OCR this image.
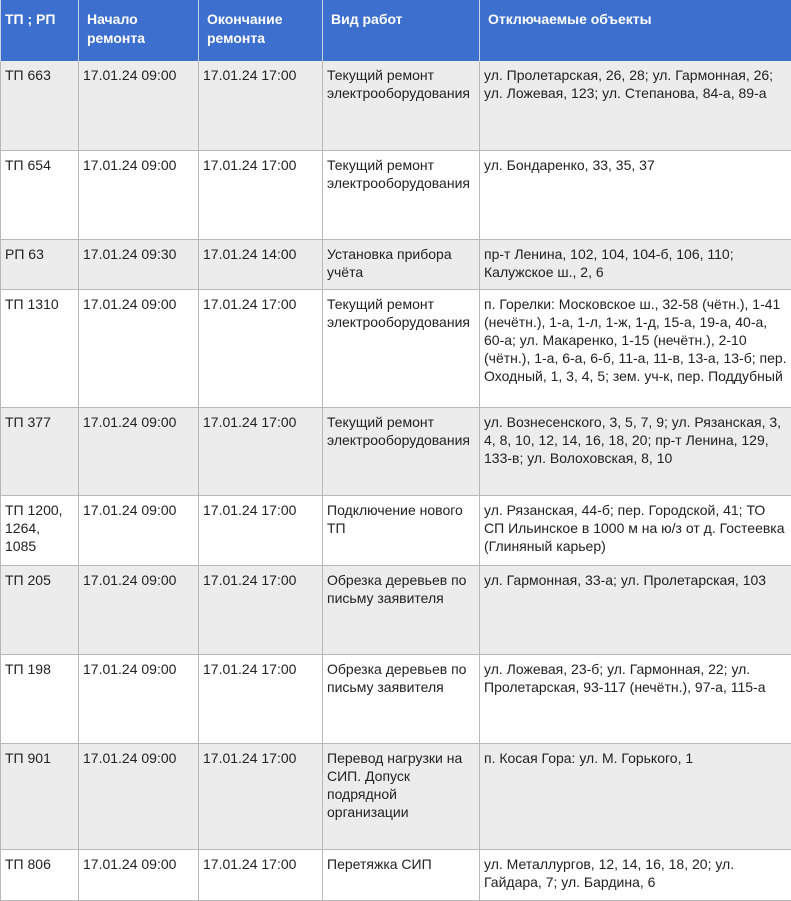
ТП ; РП	Начало ремонта	Окончание ремонта	Вид работ	Отключаемые объекты
ТП 663	17.01.24 09:00	17.01.24 17:00	Текущий ремонт электрооборудования	ул. Пролетарская, 26, 28; ул. Гармонная, 26; ул. Ложевая, 123; ул. Степанова, 84-а, 89-а
ТП 654	17.01.24 09:00	17.01.24 17:00	Текущий ремонт электрооборудования	ул. Бондаренко, 33, 35, 37
РП 63	17.01.24 09:30	17.01.24 14:00	Установка прибора учёта	пр-т Ленина, 102, 104, 104-б, 106, 110; Калужское ш., 2, 6
ТП 1310	17.01.24 09:00	17.01.24 17:00	Текущий ремонт электрооборудования	п. Горелки: Московское ш., 32-58 (чётн.), 1-41 (нечётн.), 1-а, 1-л, 1-ж, 1-д, 15-а, 19-а, 40-а, 60-а; ул. Макаренко, 1-15 (нечётн.), 2-10 (чётн.), 1-а, 6-а, 6-б, 11-а, 11-в, 13-а, 13-б; пер. Оходный, 1, 3, 4, 5; зем. уч-к, пер. Поддубный
ТП 377	17.01.24 09:00	17.01.24 17:00	Текущий ремонт электрооборудования	ул. Вознесенского, 3, 5, 7, 9; ул. Рязанская, 3, 4, 8, 10, 12, 14, 16, 18, 20; пр-т Ленина, 129, 133-в; ул. Волоховская, 8, 10
ТП 1200, 1264, 1085	17.01.24 09:00	17.01.24 17:00	Подключение нового ТП	ул. Рязанская, 44-б; пер. Городской, 41; ТО СП Ильинское в 1000 м на ю/з от д. Гостеевка (Глиняный карьер)
ТП 205	17.01.24 09:00	17.01.24 17:00	Обрезка деревьев по письму заявителя	ул. Гармонная, 33-а; ул. Пролетарская, 103
ТП 198	17.01.24 09:00	17.01.24 17:00	Обрезка деревьев по письму заявителя	ул. Ложевая, 23-б; ул. Гармонная, 22; ул. Пролетарская, 93-117 (нечётн.), 97-а, 115-а
ТП 901	17.01.24 09:00	17.01.24 17:00	Перевод нагрузки на СИП. Допуск подрядной организации	п. Косая Гора: ул. М. Горького, 1
ТП 806	17.01.24 09:00	17.01.24 17:00	Перетяжка СИП	ул. Металлургов, 12, 14, 16, 18, 20; ул. Гайдара, 7; ул. Бардина, 6
